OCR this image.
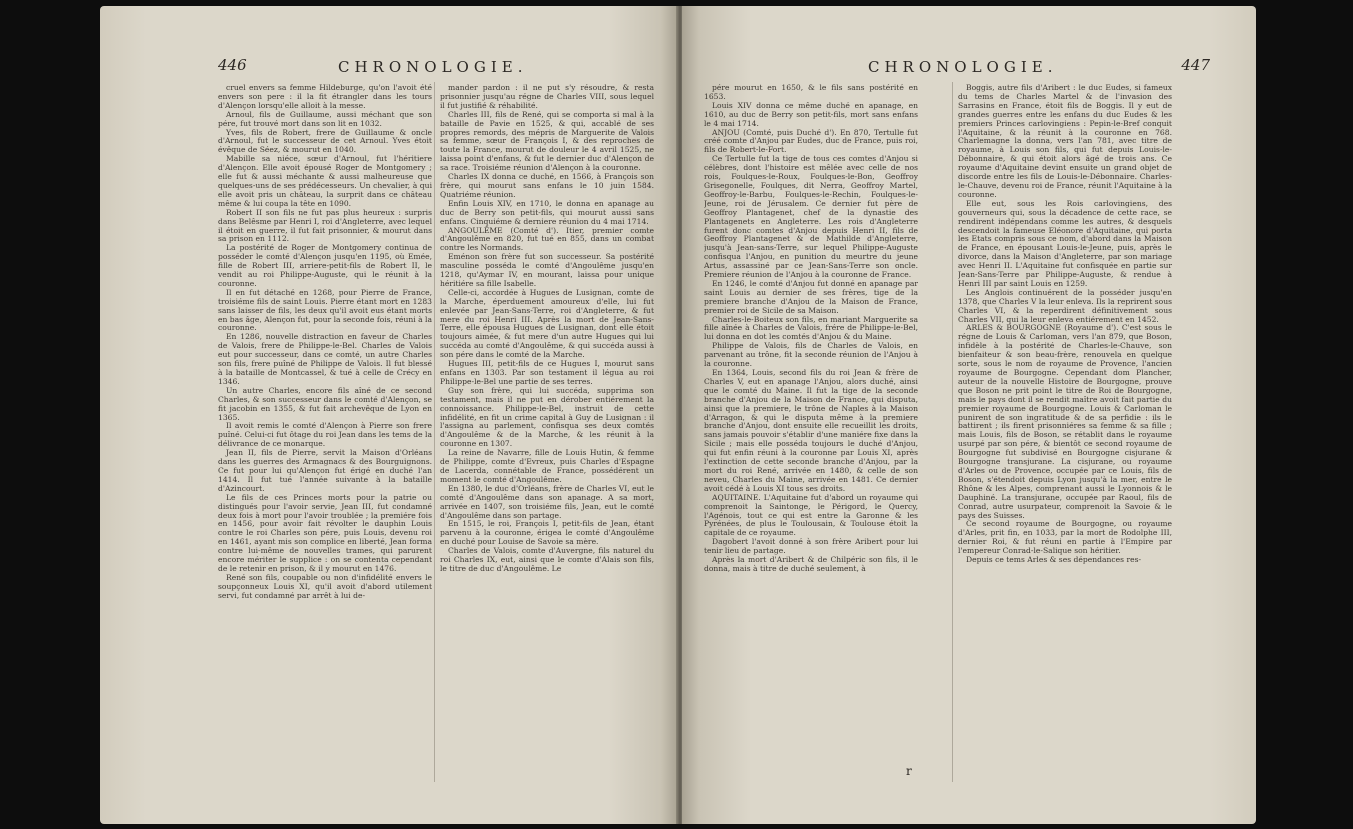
446	CHRONOLOGIE.

cruel envers sa femme Hildeburge, qu'on l'avoit été envers son pere : il la fit étrangler dans les tours d'Alençon lorsqu'elle alloit à la messe.

Arnoul, fils de Guillaume, aussi méchant que son pére, fut trouvé mort dans son lit en 1032.

Yves, fils de Robert, frere de Guillaume & oncle d'Arnoul, fut le successeur de cet Arnoul. Yves étoit évêque de Séez, & mourut en 1040.

Mabille sa niéce, sœur d'Arnoul, fut l'héritiere d'Alençon. Elle avoit épousé Roger de Montgomery ; elle fut & aussi méchante & aussi malheureuse que quelques-uns de ses prédécesseurs. Un chevalier, à qui elle avoit pris un château, la surprit dans ce château même & lui coupa la tête en 1090.

Robert II son fils ne fut pas plus heureux : surpris dans Belêsme par Henri I, roi d'Angleterre, avec lequel il étoit en guerre, il fut fait prisonnier, & mourut dans sa prison en 1112.

La postérité de Roger de Montgomery continua de posséder le comté d'Alençon jusqu'en 1195, où Emée, fille de Robert III, arriere-petit-fils de Robert II, le vendit au roi Philippe-Auguste, qui le réunit à la couronne.

Il en fut détaché en 1268, pour Pierre de France, troisiéme fils de saint Louis. Pierre étant mort en 1283 sans laisser de fils, les deux qu'il avoit eus étant morts en bas âge, Alençon fut, pour la seconde fois, réuni à la couronne.

En 1286, nouvelle distraction en faveur de Charles de Valois, frere de Philippe-le-Bel. Charles de Valois eut pour successeur, dans ce comté, un autre Charles son fils, frere puîné de Philippe de Valois. Il fut blessé à la bataille de Montcassel, & tué à celle de Crécy en 1346.

Un autre Charles, encore fils aîné de ce second Charles, & son successeur dans le comté d'Alençon, se fit jacobin en 1355, & fut fait archevêque de Lyon en 1365.

Il avoit remis le comté d'Alençon à Pierre son frere puîné. Celui-ci fut ôtage du roi Jean dans les tems de la délivrance de ce monarque.

Jean II, fils de Pierre, servit la Maison d'Orléans dans les guerres des Armagnacs & des Bourguignons. Ce fut pour lui qu'Alençon fut érigé en duché l'an 1414. Il fut tué l'année suivante à la bataille d'Azincourt.

Le fils de ces Princes morts pour la patrie ou distingués pour l'avoir servie, Jean III, fut condamné deux fois à mort pour l'avoir troublée ; la premiére fois en 1456, pour avoir fait révolter le dauphin Louis contre le roi Charles son pére, puis Louis, devenu roi en 1461, ayant mis son complice en liberté, Jean forma contre lui-même de nouvelles trames, qui parurent encore mériter le supplice : on se contenta cependant de le retenir en prison, & il y mourut en 1476.

René son fils, coupable ou non d'infidélité envers le soupçonneux Louis XI, qu'il avoit d'abord utilement servi, fut condamné par arrêt à lui de-

mander pardon : il ne put s'y résoudre, & resta prisonnier jusqu'au régne de Charles VIII, sous lequel il fut justifié & réhabilité.

Charles III, fils de René, qui se comporta si mal à la bataille de Pavie en 1525, & qui, accablé de ses propres remords, des mépris de Marguerite de Valois sa femme, sœur de François I, & des reproches de toute la France, mourut de douleur le 4 avril 1525, ne laissa point d'enfans, & fut le dernier duc d'Alençon de sa race. Troisiéme réunion d'Alençon à la couronne.

Charles IX donna ce duché, en 1566, à François son frère, qui mourut sans enfans le 10 juin 1584. Quatriéme réunion.

Enfin Louis XIV, en 1710, le donna en apanage au duc de Berry son petit-fils, qui mourut aussi sans enfans. Cinquiéme & derniere réunion du 4 mai 1714.

ANGOULÊME (Comté d'). Itier, premier comte d'Angoulême en 820, fut tué en 855, dans un combat contre les Normands.

Eménon son frère fut son successeur. Sa postérité masculine posséda le comté d'Angoulême jusqu'en 1218, qu'Aymar IV, en mourant, laissa pour unique héritiére sa fille Isabelle.

Celle-ci, accordée à Hugues de Lusignan, comte de la Marche, éperduement amoureux d'elle, lui fut enlevée par Jean-Sans-Terre, roi d'Angleterre, & fut mere du roi Henri III. Après la mort de Jean-Sans-Terre, elle épousa Hugues de Lusignan, dont elle étoit toujours aimée, & fut mere d'un autre Hugues qui lui succéda au comté d'Angoulême, & qui succéda aussi à son pére dans le comté de la Marche.

Hugues III, petit-fils de ce Hugues I, mourut sans enfans en 1303. Par son testament il légua au roi Philippe-le-Bel une partie de ses terres.

Guy son frère, qui lui succéda, supprima son testament, mais il ne put en dérober entiérement la connoissance. Philippe-le-Bel, instruit de cette infidélité, en fit un crime capital à Guy de Lusignan : il l'assigna au parlement, confisqua ses deux comtés d'Angoulême & de la Marche, & les réunit à la couronne en 1307.

La reine de Navarre, fille de Louis Hutin, & femme de Philippe, comte d'Evreux, puis Charles d'Espagne de Lacerda, connétable de France, possédérent un moment le comté d'Angoulême.

En 1380, le duc d'Orléans, frère de Charles VI, eut le comté d'Angoulême dans son apanage. A sa mort, arrivée en 1407, son troisiéme fils, Jean, eut le comté d'Angoulême dans son partage.

En 1515, le roi, François I, petit-fils de Jean, étant parvenu à la couronne, érigea le comté d'Angoulême en duché pour Louise de Savoie sa mère.

Charles de Valois, comte d'Auvergne, fils naturel du roi Charles IX, eut, ainsi que le comte d'Alais son fils, le titre de duc d'Angoulême. Le

CHRONOLOGIE.	447

pére mourut en 1650, & le fils sans postérité en 1653.

Louis XIV donna ce même duché en apanage, en 1610, au duc de Berry son petit-fils, mort sans enfans le 4 mai 1714.

ANJOU (Comté, puis Duché d'). En 870, Tertulle fut créé comte d'Anjou par Eudes, duc de France, puis roi, fils de Robert-le-Fort.

Ce Tertulle fut la tige de tous ces comtes d'Anjou si célèbres, dont l'histoire est mêlée avec celle de nos rois, Foulques-le-Roux, Foulques-le-Bon, Geoffroy Grisegonelle, Foulques, dit Nerra, Geoffroy Martel, Geoffroy-le-Barbu, Foulques-le-Rechin, Foulques-le-Jeune, roi de Jérusalem. Ce dernier fut père de Geoffroy Plantagenet, chef de la dynastie des Plantagenets en Angleterre. Les rois d'Angleterre furent donc comtes d'Anjou depuis Henri II, fils de Geoffroy Plantagenet & de Mathilde d'Angleterre, jusqu'à Jean-sans-Terre, sur lequel Philippe-Auguste confisqua l'Anjou, en punition du meurtre du jeune Artus, assassiné par ce Jean-Sans-Terre son oncle. Premiere réunion de l'Anjou à la couronne de France.

En 1246, le comté d'Anjou fut donné en apanage par saint Louis au dernier de ses frères, tige de la premiere branche d'Anjou de la Maison de France, premier roi de Sicile de sa Maison.

Charles-le-Boiteux son fils, en mariant Marguerite sa fille aînée à Charles de Valois, frére de Philippe-le-Bel, lui donna en dot les comtés d'Anjou & du Maine.

Philippe de Valois, fils de Charles de Valois, en parvenant au trône, fit la seconde réunion de l'Anjou à la couronne.

En 1364, Louis, second fils du roi Jean & frère de Charles V, eut en apanage l'Anjou, alors duché, ainsi que le comté du Maine. Il fut la tige de la seconde branche d'Anjou de la Maison de France, qui disputa, ainsi que la premiere, le trône de Naples à la Maison d'Arragon, & qui le disputa même à la premiere branche d'Anjou, dont ensuite elle recueillit les droits, sans jamais pouvoir s'établir d'une maniére fixe dans la Sicile ; mais elle posséda toujours le duché d'Anjou, qui fut enfin réuni à la couronne par Louis XI, après l'extinction de cette seconde branche d'Anjou, par la mort du roi René, arrivée en 1480, & celle de son neveu, Charles du Maine, arrivée en 1481. Ce dernier avoit cédé à Louis XI tous ses droits.

AQUITAINE. L'Aquitaine fut d'abord un royaume qui comprenoit la Saintonge, le Périgord, le Quercy, l'Agénois, tout ce qui est entre la Garonne & les Pyrénées, de plus le Toulousain, & Toulouse étoit la capitale de ce royaume.

Dagobert l'avoit donné à son frère Aribert pour lui tenir lieu de partage.

Après la mort d'Aribert & de Chilpéric son fils, il le donna, mais à titre de duché seulement, à

Boggis, autre fils d'Aribert : le duc Eudes, si fameux du tems de Charles Martel & de l'invasion des Sarrasins en France, étoit fils de Boggis. Il y eut de grandes guerres entre les enfans du duc Eudes & les premiers Princes carlovingiens : Pepin-le-Bref conquit l'Aquitaine, & la réunit à la couronne en 768. Charlemagne la donna, vers l'an 781, avec titre de royaume, à Louis son fils, qui fut depuis Louis-le-Débonnaire, & qui étoit alors âgé de trois ans. Ce royaume d'Aquitaine devint ensuite un grand objet de discorde entre les fils de Louis-le-Débonnaire. Charles-le-Chauve, devenu roi de France, réunit l'Aquitaine à la couronne.

Elle eut, sous les Rois carlovingiens, des gouverneurs qui, sous la décadence de cette race, se rendirent indépendans comme les autres, & desquels descendoit la fameuse Eléonore d'Aquitaine, qui porta les Etats compris sous ce nom, d'abord dans la Maison de France, en épousant Louis-le-Jeune, puis, après le divorce, dans la Maison d'Angleterre, par son mariage avec Henri II. L'Aquitaine fut confisquée en partie sur Jean-Sans-Terre par Philippe-Auguste, & rendue à Henri III par saint Louis en 1259.

Les Anglois continuérent de la posséder jusqu'en 1378, que Charles V la leur enleva. Ils la reprirent sous Charles VI, & la reperdirent définitivement sous Charles VII, qui la leur enleva entiérement en 1452.

ARLES & BOURGOGNE (Royaume d'). C'est sous le régne de Louis & Carloman, vers l'an 879, que Boson, infidèle à la postérité de Charles-le-Chauve, son bienfaiteur & son beau-frère, renouvela en quelque sorte, sous le nom de royaume de Provence, l'ancien royaume de Bourgogne. Cependant dom Plancher, auteur de la nouvelle Histoire de Bourgogne, prouve que Boson ne prit point le titre de Roi de Bourgogne, mais le pays dont il se rendit maître avoit fait partie du premier royaume de Bourgogne. Louis & Carloman le punirent de son ingratitude & de sa perfidie : ils le battirent ; ils firent prisonniéres sa femme & sa fille ; mais Louis, fils de Boson, se rétablit dans le royaume usurpé par son pére, & bientôt ce second royaume de Bourgogne fut subdivisé en Bourgogne cisjurane & Bourgogne transjurane. La cisjurane, ou royaume d'Arles ou de Provence, occupée par ce Louis, fils de Boson, s'étendoit depuis Lyon jusqu'à la mer, entre le Rhône & les Alpes, comprenant aussi le Lyonnois & le Dauphiné. La transjurane, occupée par Raoul, fils de Conrad, autre usurpateur, comprenoit la Savoie & le pays des Suisses.

Ce second royaume de Bourgogne, ou royaume d'Arles, prit fin, en 1033, par la mort de Rodolphe III, dernier Roi, & fut réuni en partie à l'Empire par l'empereur Conrad-le-Salique son héritier.

Depuis ce tems Arles & ses dépendances res-

r
